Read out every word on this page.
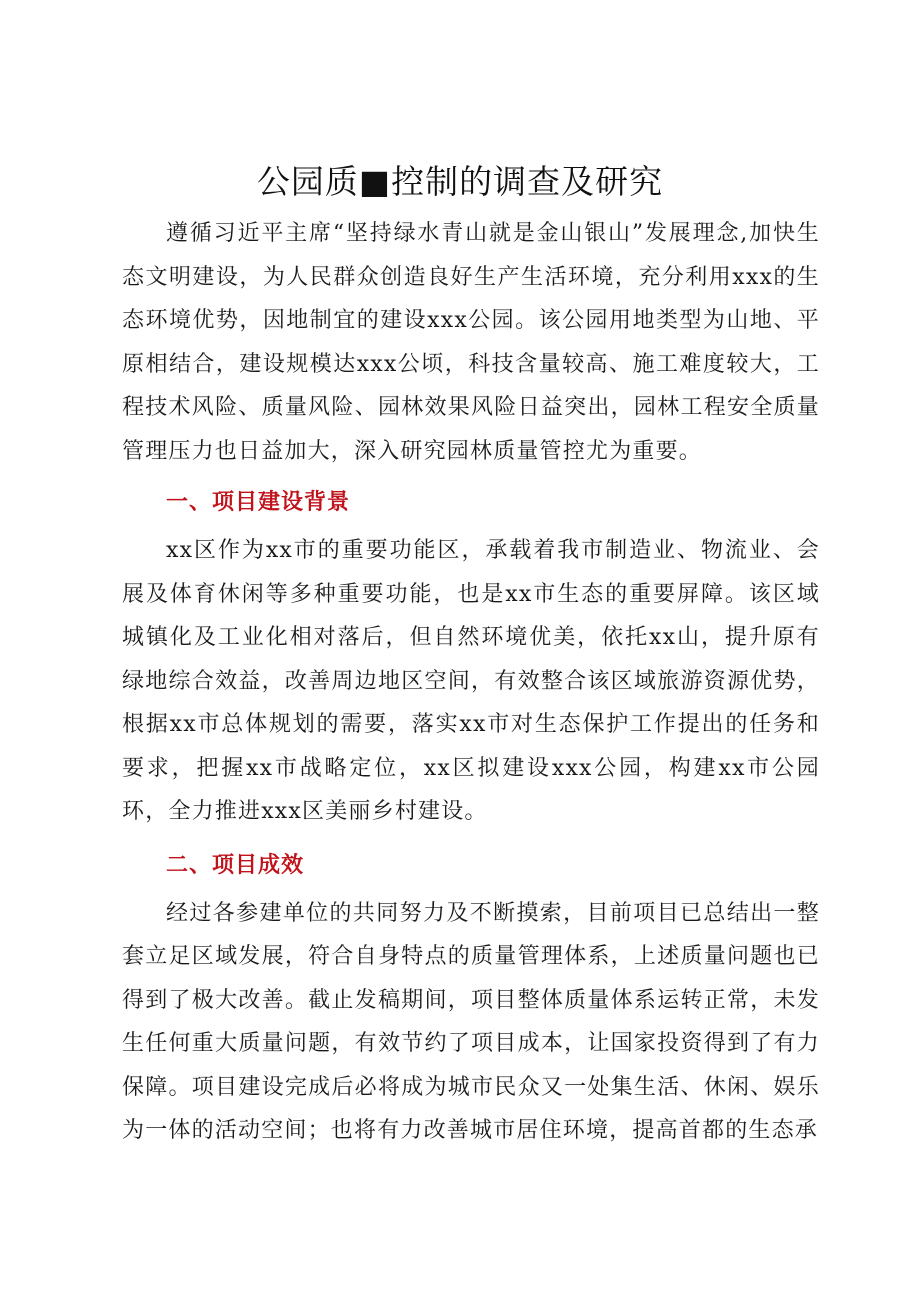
公园质■控制的调查及研究

遵循习近平主席“坚持绿水青山就是金山银山”发展理念,加快生态文明建设，为人民群众创造良好生产生活环境，充分利用xxx的生态环境优势，因地制宜的建设xxx公园。该公园用地类型为山地、平原相结合，建设规模达xxx公顷，科技含量较高、施工难度较大，工程技术风险、质量风险、园林效果风险日益突出，园林工程安全质量管理压力也日益加大，深入研究园林质量管控尤为重要。

一、项目建设背景

xx区作为xx市的重要功能区，承载着我市制造业、物流业、会展及体育休闲等多种重要功能，也是xx市生态的重要屏障。该区域城镇化及工业化相对落后，但自然环境优美，依托xx山，提升原有绿地综合效益，改善周边地区空间，有效整合该区域旅游资源优势，根据xx市总体规划的需要，落实xx市对生态保护工作提出的任务和要求，把握xx市战略定位，xx区拟建设xxx公园，构建xx市公园环，全力推进xxx区美丽乡村建设。

二、项目成效

经过各参建单位的共同努力及不断摸索，目前项目已总结出一整套立足区域发展，符合自身特点的质量管理体系，上述质量问题也已得到了极大改善。截止发稿期间，项目整体质量体系运转正常，未发生任何重大质量问题，有效节约了项目成本，让国家投资得到了有力保障。项目建设完成后必将成为城市民众又一处集生活、休闲、娱乐为一体的活动空间；也将有力改善城市居住环境，提高首都的生态承
